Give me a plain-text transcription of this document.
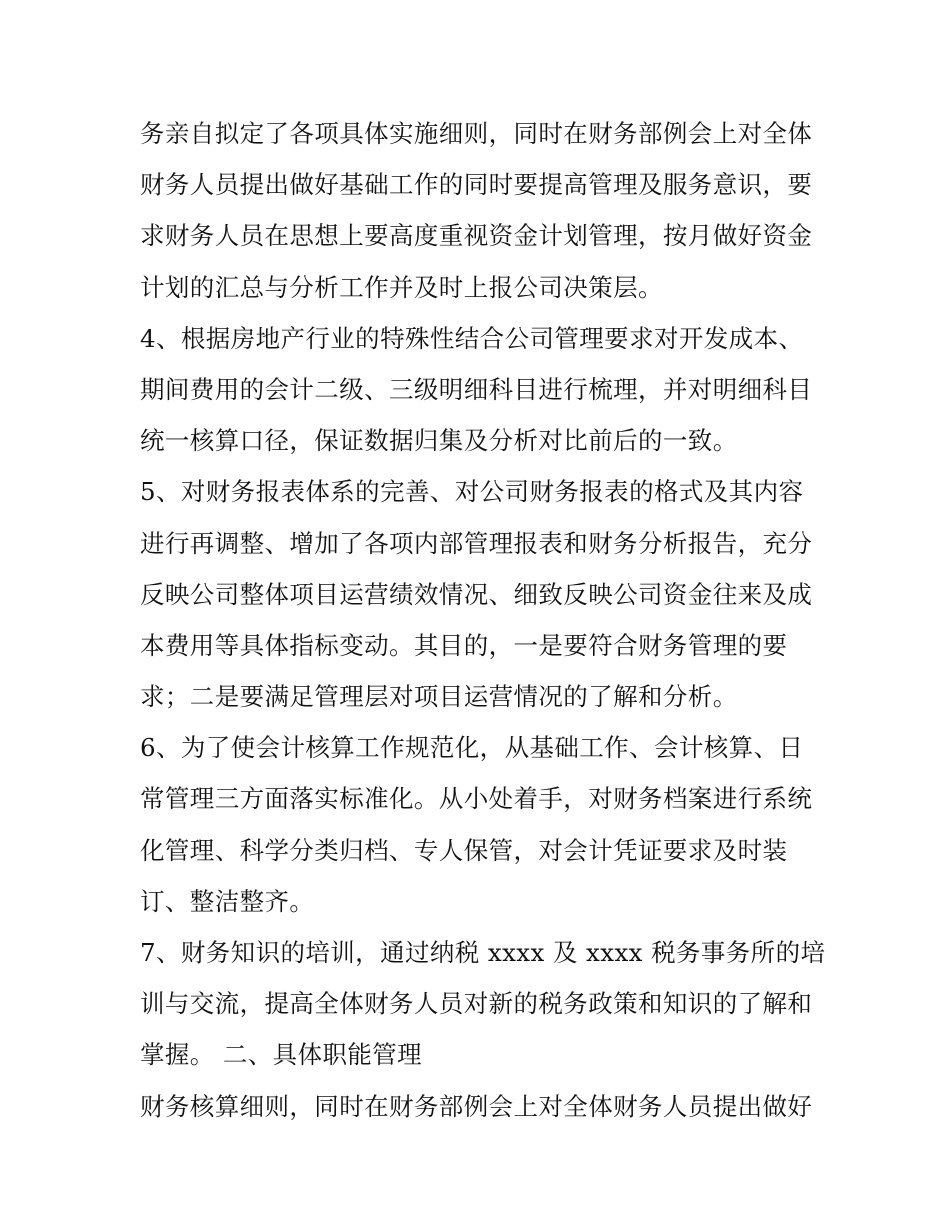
务亲自拟定了各项具体实施细则，同时在财务部例会上对全体
财务人员提出做好基础工作的同时要提高管理及服务意识，要
求财务人员在思想上要高度重视资金计划管理，按月做好资金
计划的汇总与分析工作并及时上报公司决策层。
4、根据房地产行业的特殊性结合公司管理要求对开发成本、
期间费用的会计二级、三级明细科目进行梳理，并对明细科目
统一核算口径，保证数据归集及分析对比前后的一致。
5、对财务报表体系的完善、对公司财务报表的格式及其内容
进行再调整、增加了各项内部管理报表和财务分析报告，充分
反映公司整体项目运营绩效情况、细致反映公司资金往来及成
本费用等具体指标变动。其目的，一是要符合财务管理的要
求；二是要满足管理层对项目运营情况的了解和分析。
6、为了使会计核算工作规范化，从基础工作、会计核算、日
常管理三方面落实标准化。从小处着手，对财务档案进行系统
化管理、科学分类归档、专人保管，对会计凭证要求及时装
订、整洁整齐。
7、财务知识的培训，通过纳税 xxxx 及 xxxx 税务事务所的培
训与交流，提高全体财务人员对新的税务政策和知识的了解和
掌握。 二、具体职能管理
财务核算细则，同时在财务部例会上对全体财务人员提出做好
